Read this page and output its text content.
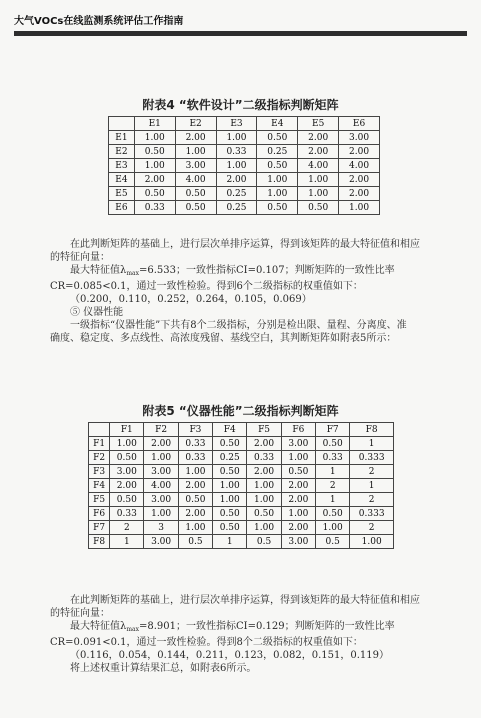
大气VOCs在线监测系统评估工作指南
附表4 “软件设计”二级指标判断矩阵
	E1	E2	E3	E4	E5	E6
E1	1.00	2.00	1.00	0.50	2.00	3.00
E2	0.50	1.00	0.33	0.25	2.00	2.00
E3	1.00	3.00	1.00	0.50	4.00	4.00
E4	2.00	4.00	2.00	1.00	1.00	2.00
E5	0.50	0.50	0.25	1.00	1.00	2.00
E6	0.33	0.50	0.25	0.50	0.50	1.00

在此判断矩阵的基础上，进行层次单排序运算，得到该矩阵的最大特征值和相应

的特征向量：

最大特征值$\lambda_{max}=6.533$；一致性指标CI=0.107；判断矩阵的一致性比率

CR=0.085<0.1，通过一致性检验。得到6个二级指标的权重值如下：

（0.200，0.110，0.252，0.264，0.105，0.069）

⑤ 仪器性能

一级指标“仪器性能”下共有8个二级指标，分别是检出限、量程、分离度、准

确度、稳定度、多点线性、高浓度残留、基线空白，其判断矩阵如附表5所示：

附表5 “仪器性能”二级指标判断矩阵
	F1	F2	F3	F4	F5	F6	F7	F8
F1	1.00	2.00	0.33	0.50	2.00	3.00	0.50	1
F2	0.50	1.00	0.33	0.25	0.33	1.00	0.33	0.333
F3	3.00	3.00	1.00	0.50	2.00	0.50	1	2
F4	2.00	4.00	2.00	1.00	1.00	2.00	2	1
F5	0.50	3.00	0.50	1.00	1.00	2.00	1	2
F6	0.33	1.00	2.00	0.50	0.50	1.00	0.50	0.333
F7	2	3	1.00	0.50	1.00	2.00	1.00	2
F8	1	3.00	0.5	1	0.5	3.00	0.5	1.00

在此判断矩阵的基础上，进行层次单排序运算，得到该矩阵的最大特征值和相应

的特征向量：

最大特征值$\lambda_{max}=8.901$；一致性指标CI=0.129；判断矩阵的一致性比率

CR=0.091<0.1，通过一致性检验。得到8个二级指标的权重值如下：

（0.116，0.054，0.144，0.211，0.123，0.082，0.151，0.119）

将上述权重计算结果汇总，如附表6所示。
